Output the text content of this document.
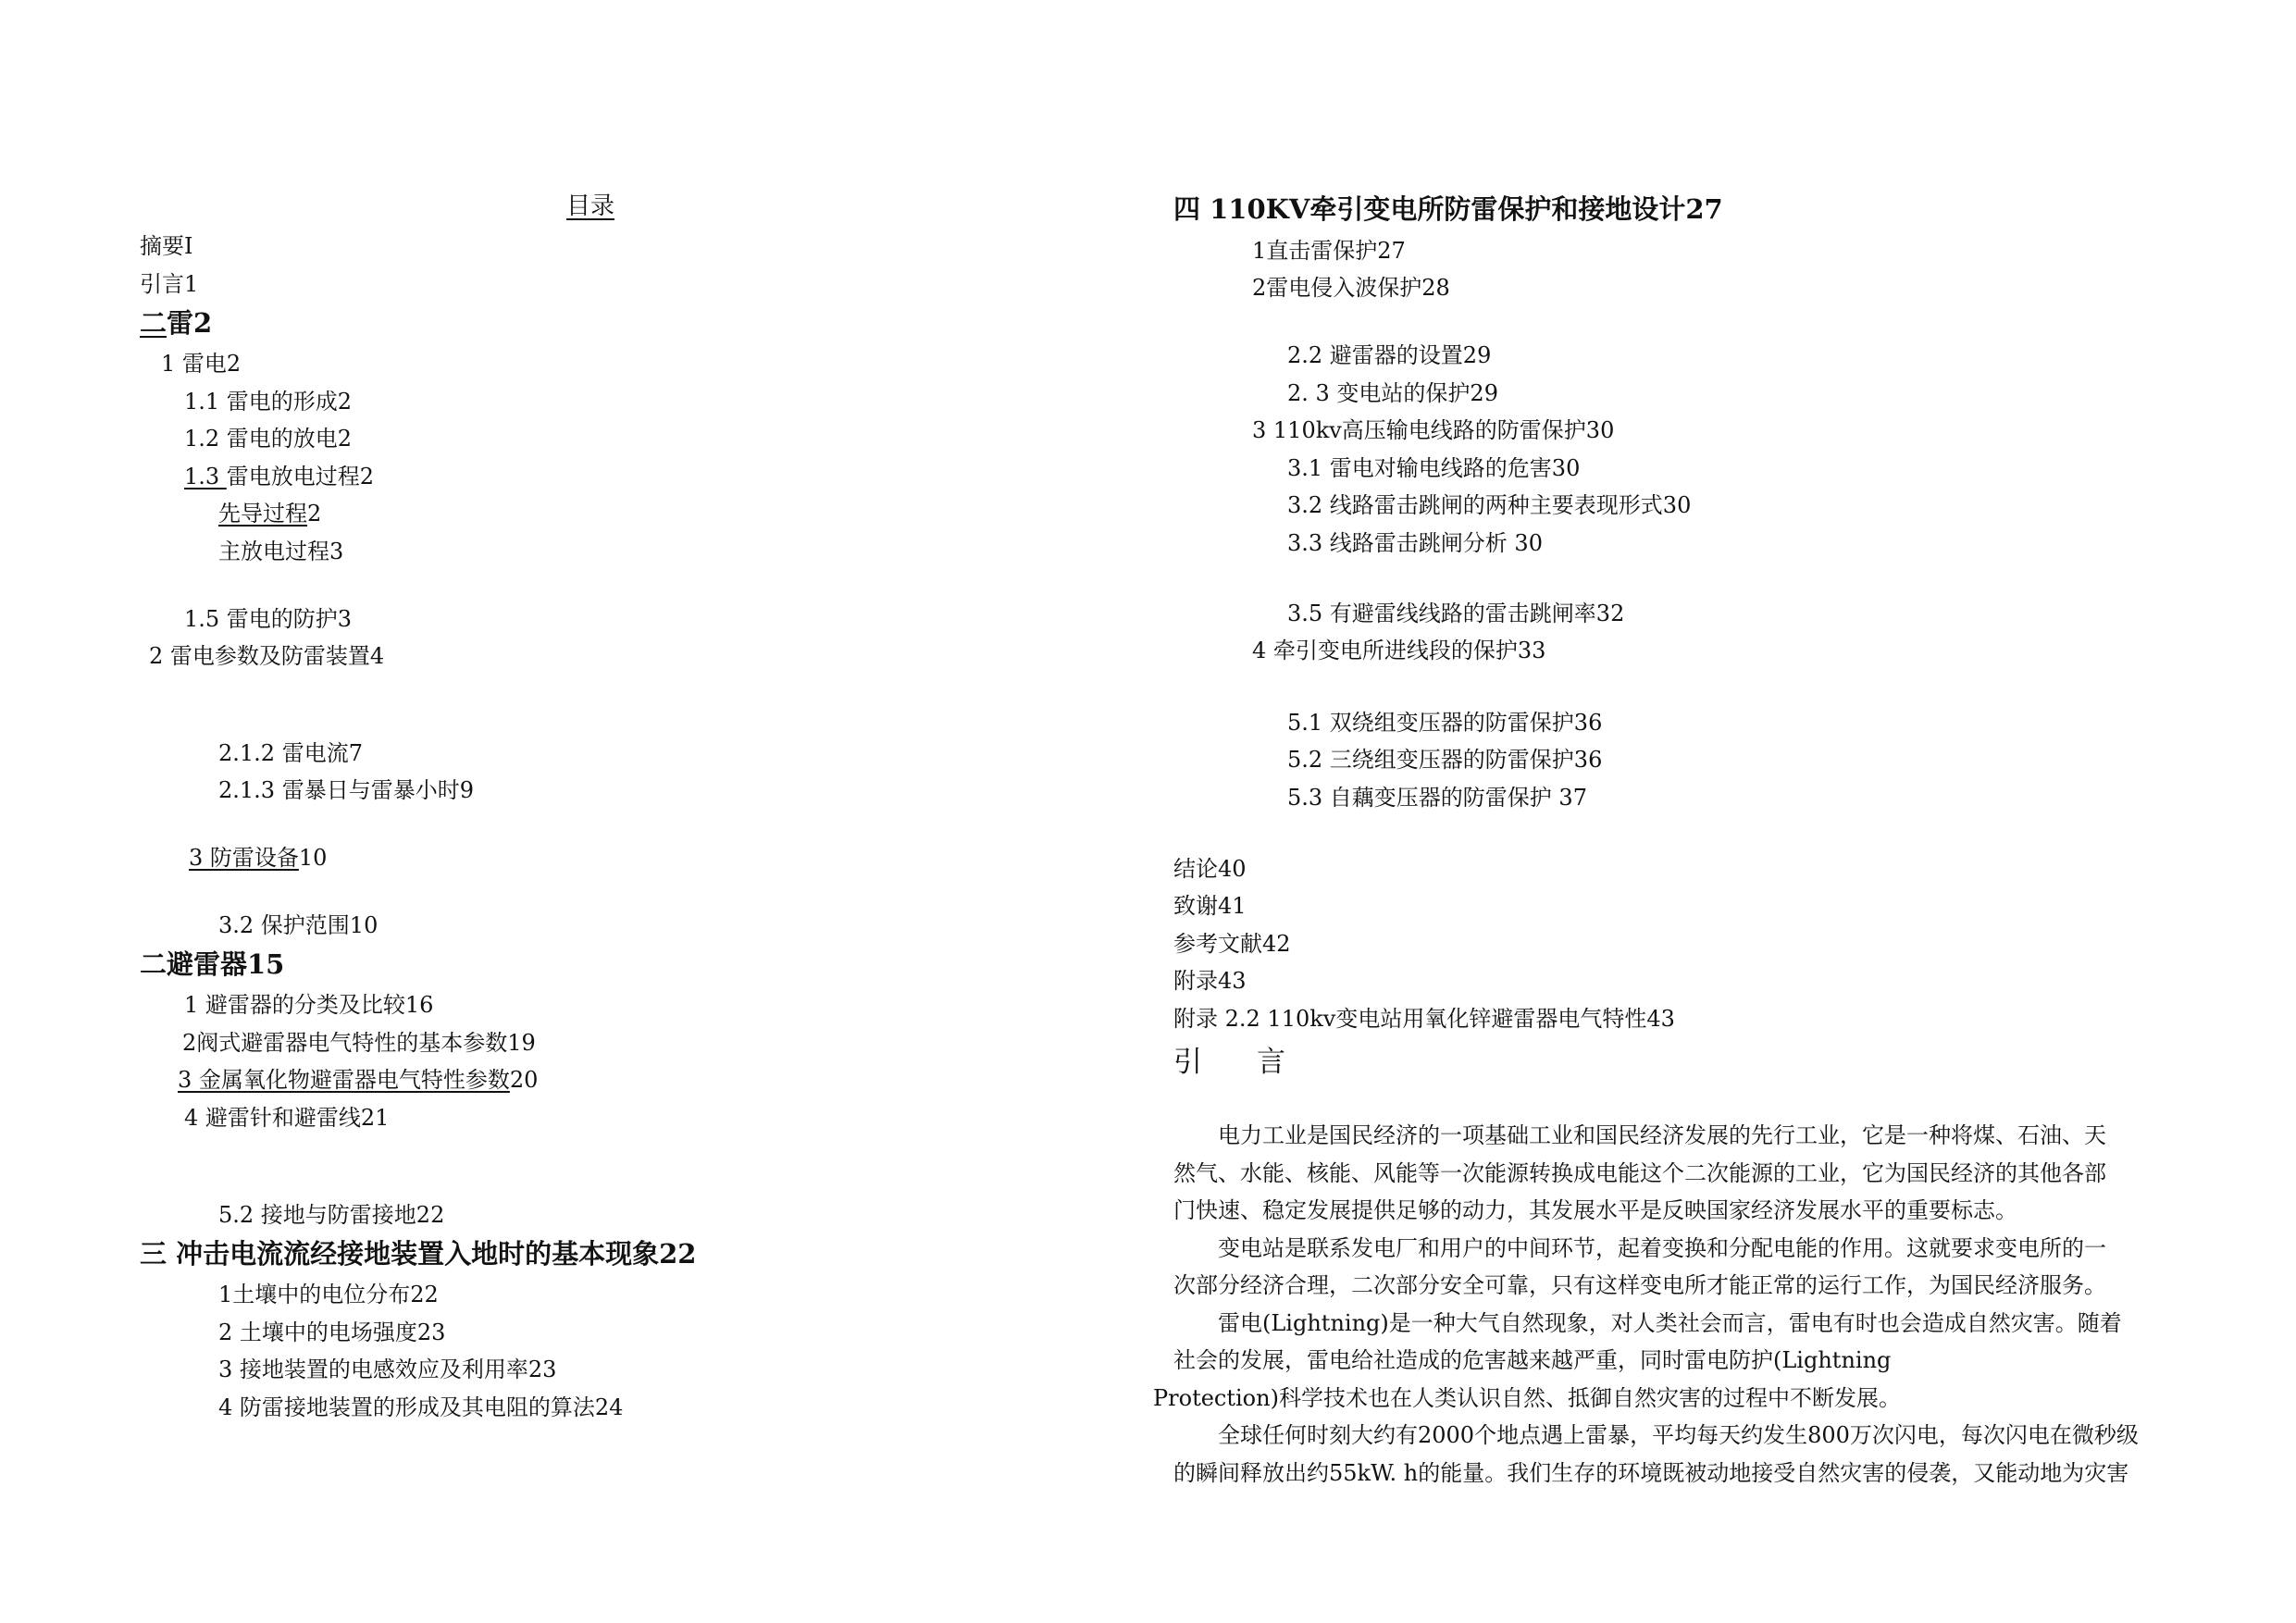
目录
摘要I
引言1
二雷2
1 雷电2
1.1 雷电的形成2
1.2 雷电的放电2
1.3 雷电放电过程2
先导过程2
主放电过程3
1.5 雷电的防护3
2 雷电参数及防雷装置4
2.1.2 雷电流7
2.1.3 雷暴日与雷暴小时9
3 防雷设备10
3.2 保护范围10
二避雷器15
1 避雷器的分类及比较16
2阀式避雷器电气特性的基本参数19
3 金属氧化物避雷器电气特性参数20
4 避雷针和避雷线21
5.2 接地与防雷接地22
三 冲击电流流经接地装置入地时的基本现象22
1土壤中的电位分布22
2 土壤中的电场强度23
3 接地装置的电感效应及利用率23
4 防雷接地装置的形成及其电阻的算法24
四 110KV牵引变电所防雷保护和接地设计27
1直击雷保护27
2雷电侵入波保护28
2.2 避雷器的设置29
2. 3 变电站的保护29
3 110kv高压输电线路的防雷保护30
3.1 雷电对输电线路的危害30
3.2 线路雷击跳闸的两种主要表现形式30
3.3 线路雷击跳闸分析 30
3.5 有避雷线线路的雷击跳闸率32
4 牵引变电所进线段的保护33
5.1 双绕组变压器的防雷保护36
5.2 三绕组变压器的防雷保护36
5.3 自藕变压器的防雷保护 37
结论40
致谢41
参考文献42
附录43
附录 2.2 110kv变电站用氧化锌避雷器电气特性43
引 言
电力工业是国民经济的一项基础工业和国民经济发展的先行工业，它是一种将煤、石油、天
然气、水能、核能、风能等一次能源转换成电能这个二次能源的工业，它为国民经济的其他各部
门快速、稳定发展提供足够的动力，其发展水平是反映国家经济发展水平的重要标志。
变电站是联系发电厂和用户的中间环节，起着变换和分配电能的作用。这就要求变电所的一
次部分经济合理，二次部分安全可靠，只有这样变电所才能正常的运行工作，为国民经济服务。
雷电(Lightning)是一种大气自然现象，对人类社会而言，雷电有时也会造成自然灾害。随着
社会的发展，雷电给社造成的危害越来越严重，同时雷电防护(Lightning
Protection)科学技术也在人类认识自然、抵御自然灾害的过程中不断发展。
全球任何时刻大约有2000个地点遇上雷暴，平均每天约发生800万次闪电，每次闪电在微秒级
的瞬间释放出约55kW. h的能量。我们生存的环境既被动地接受自然灾害的侵袭，又能动地为灾害
